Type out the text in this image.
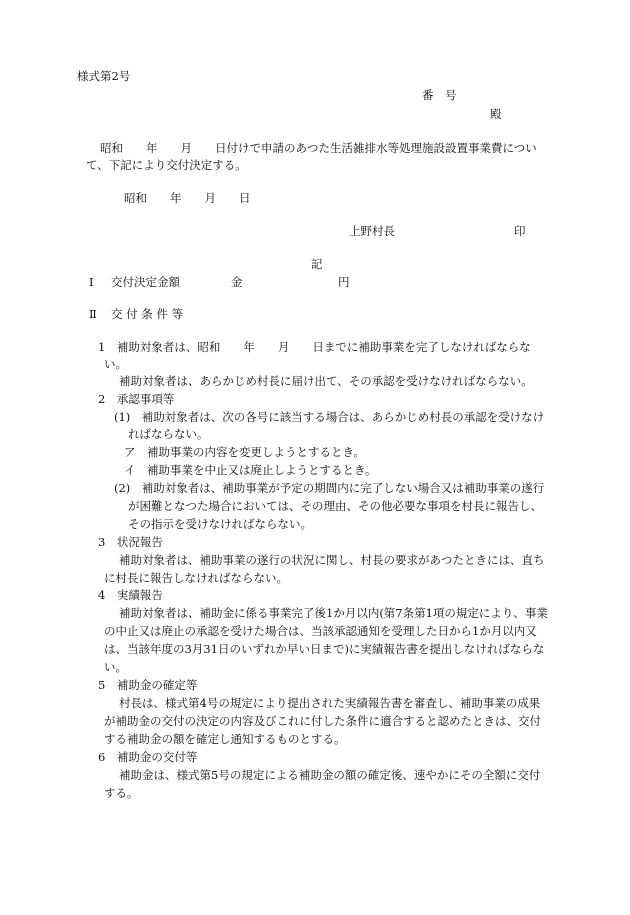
様式第2号
番　号
殿
昭和　　年　　月　　日付けで申請のあつた生活雑排水等処理施設設置事業費につい
て、下記により交付決定する。
昭和　　年　　月　　日
上野村長	印
記
Ⅰ 交付決定金額	金	円
Ⅱ 交 付 条 件 等
1　補助対象者は、昭和　　年　　月　　日までに補助事業を完了しなければならな
い。
補助対象者は、あらかじめ村長に届け出て、その承認を受けなければならない。
2　承認事項等
(1)　補助対象者は、次の各号に該当する場合は、あらかじめ村長の承認を受けなけ
ればならない。
ア　補助事業の内容を変更しようとするとき。
イ　補助事業を中止又は廃止しようとするとき。
(2)　補助対象者は、補助事業が予定の期間内に完了しない場合又は補助事業の遂行
が困難となつた場合においては、その理由、その他必要な事項を村長に報告し、
その指示を受けなければならない。
3　状況報告
補助対象者は、補助事業の遂行の状況に関し、村長の要求があつたときには、直ち
に村長に報告しなければならない。
4　実績報告
補助対象者は、補助金に係る事業完了後1か月以内(第7条第1項の規定により、事業
の中止又は廃止の承認を受けた場合は、当該承認通知を受理した日から1か月以内又
は、当該年度の3月31日のいずれか早い日まで)に実績報告書を提出しなければならな
い。
5　補助金の確定等
村長は、様式第4号の規定により提出された実績報告書を審査し、補助事業の成果
が補助金の交付の決定の内容及びこれに付した条件に適合すると認めたときは、交付
する補助金の額を確定し通知するものとする。
6　補助金の交付等
補助金は、様式第5号の規定による補助金の額の確定後、速やかにその全額に交付
する。
